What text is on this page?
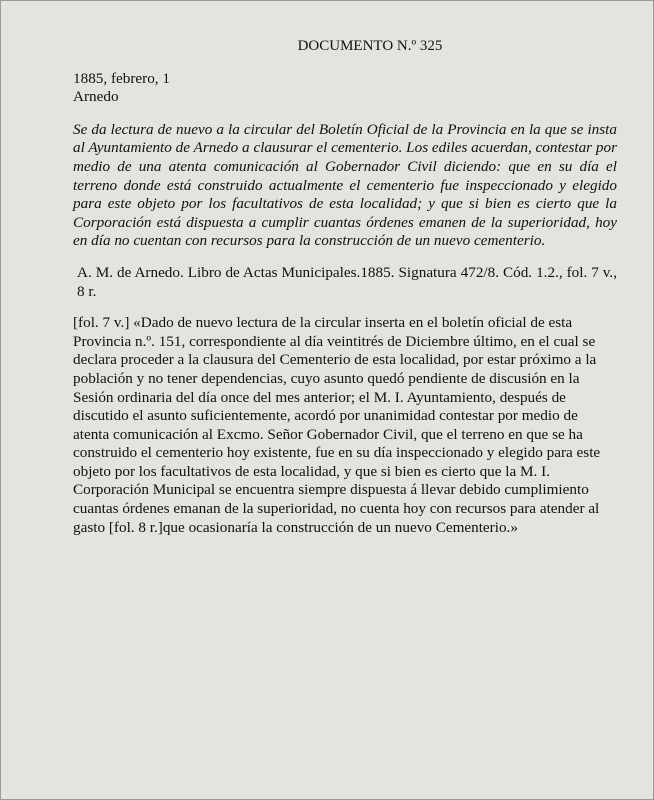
DOCUMENTO N.º 325
1885, febrero, 1
Arnedo

Se da lectura de nuevo a la circular del Boletín Oficial de la Provincia en la que se insta al Ayuntamiento de Arnedo a clausurar el cementerio. Los ediles acuerdan, contestar por medio de una atenta comunicación al Gobernador Civil diciendo: que en su día el terreno donde está construido actualmente el cementerio fue inspeccionado y elegido para este objeto por los facultativos de esta localidad; y que si bien es cierto que la Corporación está dispuesta a cumplir cuantas órdenes emanen de la superioridad, hoy en día no cuentan con recursos para la construcción de un nuevo cementerio.

A. M. de Arnedo. Libro de Actas Municipales.1885. Signatura 472/8. Cód. 1.2., fol. 7 v., 8 r.

[fol. 7 v.] «Dado de nuevo lectura de la circular inserta en el boletín oficial de esta
Provincia n.º. 151, correspondiente al día veintitrés de Diciembre último, en el cual se
declara proceder a la clausura del Cementerio de esta localidad, por estar próximo a la
población y no tener dependencias, cuyo asunto quedó pendiente de discusión en la
Sesión ordinaria del día once del mes anterior; el M. I. Ayuntamiento, después de
discutido el asunto suficientemente, acordó por unanimidad contestar por medio de
atenta comunicación al Excmo. Señor Gobernador Civil, que el terreno en que se ha
construido el cementerio hoy existente, fue en su día inspeccionado y elegido para este
objeto por los facultativos de esta localidad, y que si bien es cierto que la M. I.
Corporación Municipal se encuentra siempre dispuesta á llevar debido cumplimiento
cuantas órdenes emanan de la superioridad, no cuenta hoy con recursos para atender al
gasto [fol. 8 r.]que ocasionaría la construcción de un nuevo Cementerio.»
